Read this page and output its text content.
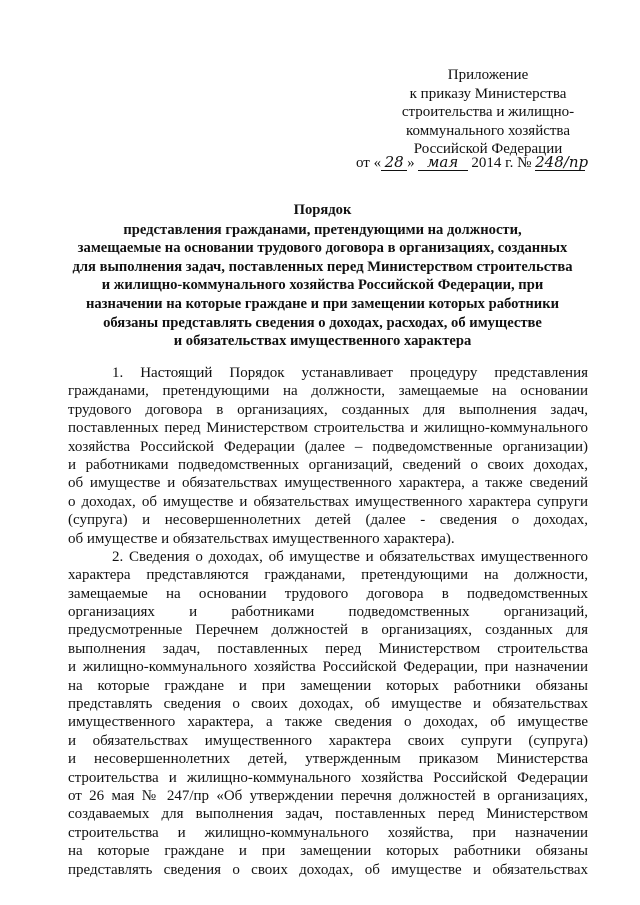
Приложение
к приказу Министерства
строительства и жилищно-
коммунального хозяйства
Российской Федерации
от « 28 » мая 2014 г. № 248/пр
Порядок
представления гражданами, претендующими на должности,
замещаемые на основании трудового договора в организациях, созданных
для выполнения задач, поставленных перед Министерством строительства
и жилищно-коммунального хозяйства Российской Федерации, при
назначении на которые граждане и при замещении которых работники
обязаны представлять сведения о доходах, расходах, об имуществе
и обязательствах имущественного характера
1. Настоящий Порядок устанавливает процедуру представления
гражданами, претендующими на должности, замещаемые на основании
трудового договора в организациях, созданных для выполнения задач,
поставленных перед Министерством строительства и жилищно-коммунального
хозяйства Российской Федерации (далее – подведомственные организации)
и работниками подведомственных организаций, сведений о своих доходах,
об имуществе и обязательствах имущественного характера, а также сведений
о доходах, об имуществе и обязательствах имущественного характера супруги
(супруга) и несовершеннолетних детей (далее - сведения о доходах,
об имуществе и обязательствах имущественного характера).
2. Сведения о доходах, об имуществе и обязательствах имущественного
характера представляются гражданами, претендующими на должности,
замещаемые на основании трудового договора в подведомственных
организациях и работниками подведомственных организаций,
предусмотренные Перечнем должностей в организациях, созданных для
выполнения задач, поставленных перед Министерством строительства
и жилищно-коммунального хозяйства Российской Федерации, при назначении
на которые граждане и при замещении которых работники обязаны
представлять сведения о своих доходах, об имуществе и обязательствах
имущественного характера, а также сведения о доходах, об имуществе
и обязательствах имущественного характера своих супруги (супруга)
и несовершеннолетних детей, утвержденным приказом Министерства
строительства и жилищно-коммунального хозяйства Российской Федерации
от 26 мая № 247/пр «Об утверждении перечня должностей в организациях,
создаваемых для выполнения задач, поставленных перед Министерством
строительства и жилищно-коммунального хозяйства, при назначении
на которые граждане и при замещении которых работники обязаны
представлять сведения о своих доходах, об имуществе и обязательствах
